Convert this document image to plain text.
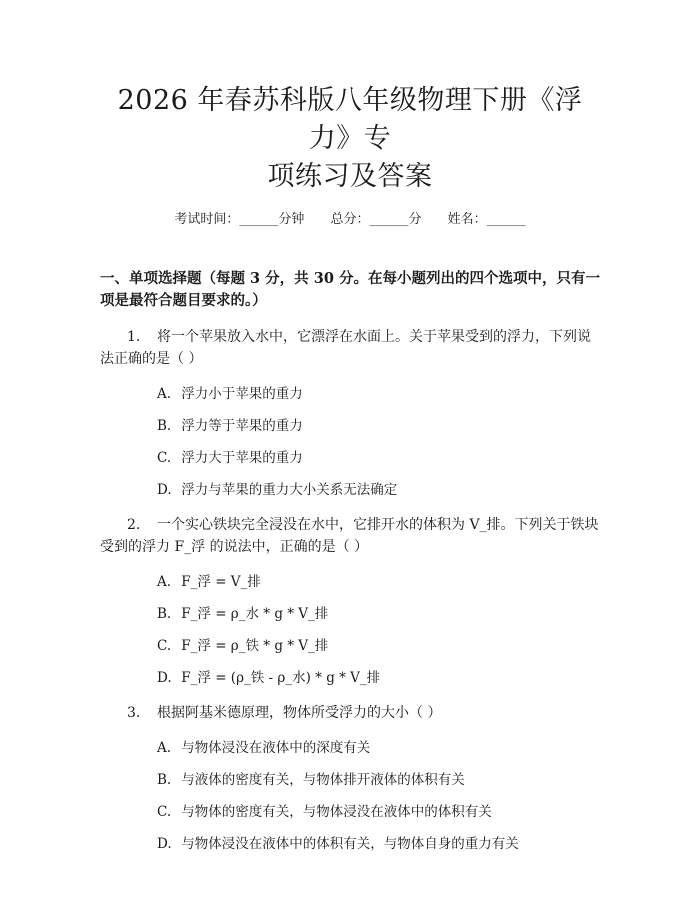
2026 年春苏科版八年级物理下册《浮力》专
项练习及答案
考试时间：______分钟 总分：______分 姓名：______
一、单项选择题（每题 3 分，共 30 分。在每小题列出的四个选项中，只有一项是最符合题目要求的。）
1. 将一个苹果放入水中，它漂浮在水面上。关于苹果受到的浮力，下列说法正确的是（ ）
A. 浮力小于苹果的重力
B. 浮力等于苹果的重力
C. 浮力大于苹果的重力
D. 浮力与苹果的重力大小关系无法确定
2. 一个实心铁块完全浸没在水中，它排开水的体积为 V_排。下列关于铁块受到的浮力 F_浮 的说法中，正确的是（ ）
A. F_浮 = V_排
B. F_浮 = ρ_水 * g * V_排
C. F_浮 = ρ_铁 * g * V_排
D. F_浮 = (ρ_铁 - ρ_水) * g * V_排
3. 根据阿基米德原理，物体所受浮力的大小（ ）
A. 与物体浸没在液体中的深度有关
B. 与液体的密度有关，与物体排开液体的体积有关
C. 与物体的密度有关，与物体浸没在液体中的体积有关
D. 与物体浸没在液体中的体积有关，与物体自身的重力有关
